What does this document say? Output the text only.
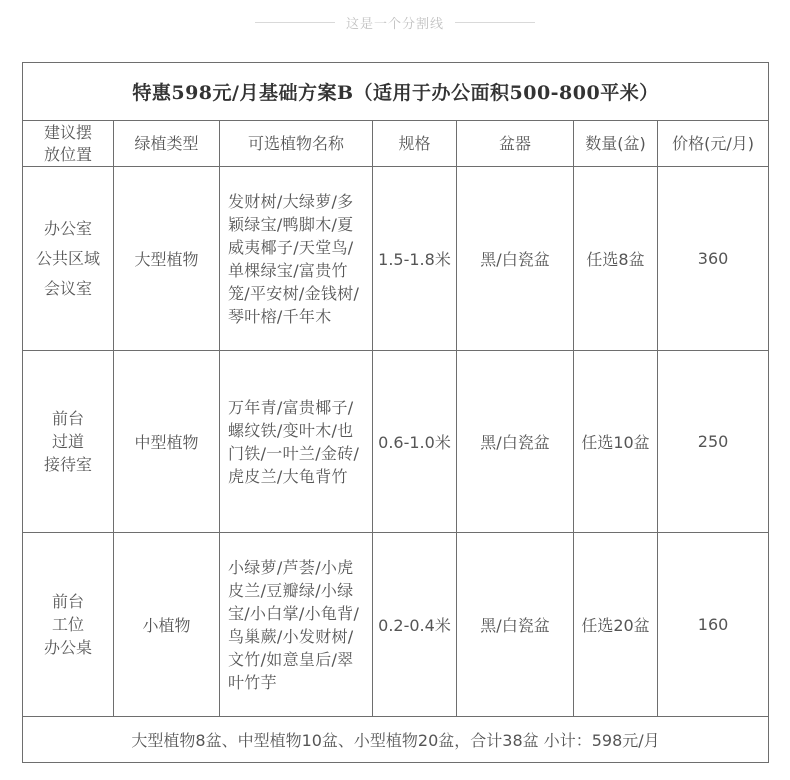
这是一个分割线
特惠598元/月基础方案B（适用于办公面积500-800平米）						

建议摆
放位置	绿植类型	可选植物名称	规格	盆器	数量(盆)	价格(元/月)

办公室
公共区域
会议室	大型植物	发财树/大绿萝/多颖绿宝/鸭脚木/夏威夷椰子/天堂鸟/单棵绿宝/富贵竹笼/平安树/金钱树/琴叶榕/千年木	1.5-1.8米	黑/白瓷盆	任选8盆	360

前台
过道
接待室	中型植物	万年青/富贵椰子/螺纹铁/变叶木/也门铁/一叶兰/金砖/虎皮兰/大龟背竹	0.6-1.0米	黑/白瓷盆	任选10盆	250

前台
工位
办公桌	小植物	小绿萝/芦荟/小虎皮兰/豆瓣绿/小绿宝/小白掌/小龟背/鸟巢蕨/小发财树/文竹/如意皇后/翠叶竹芋	0.2-0.4米	黑/白瓷盆	任选20盆	160
大型植物8盆、中型植物10盆、小型植物20盆，合计38盆 小计：598元/月						
